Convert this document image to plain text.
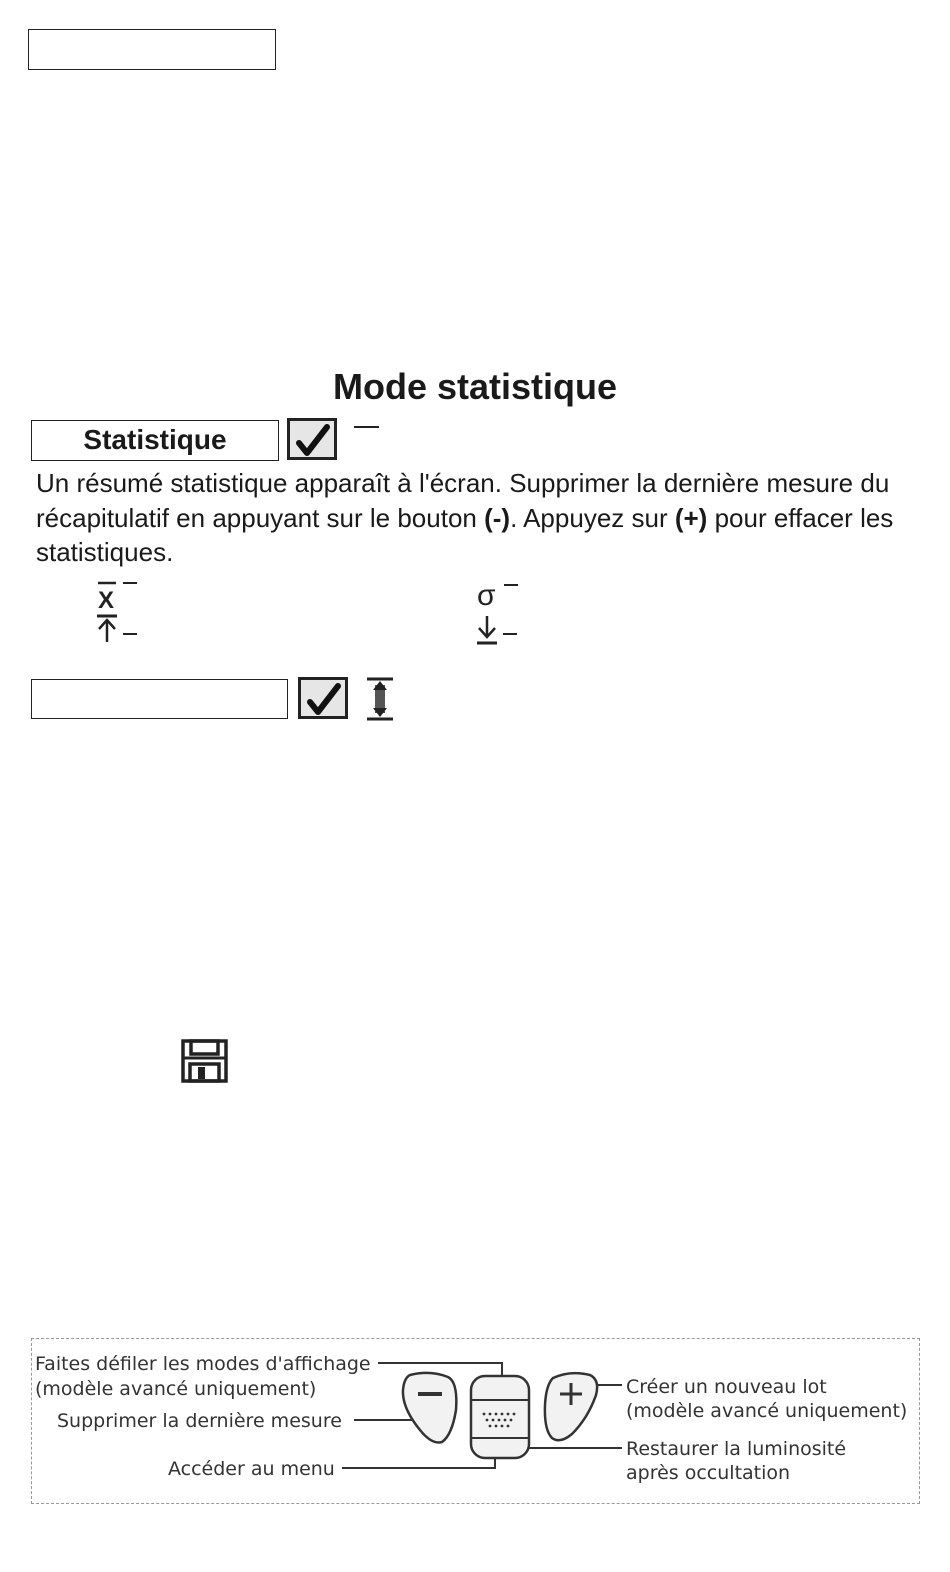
Mode statistique
Statistique
Un résumé statistique apparaît à l'écran. Supprimer la dernière mesure du récapitulatif en appuyant sur le bouton (-). Appuyez sur (+) pour effacer les statistiques.
X	σ
Faites défiler les modes d'affichage
(modèle avancé uniquement)
Supprimer la dernière mesure
Accéder au menu
Créer un nouveau lot
(modèle avancé uniquement)
Restaurer la luminosité
après occultation
